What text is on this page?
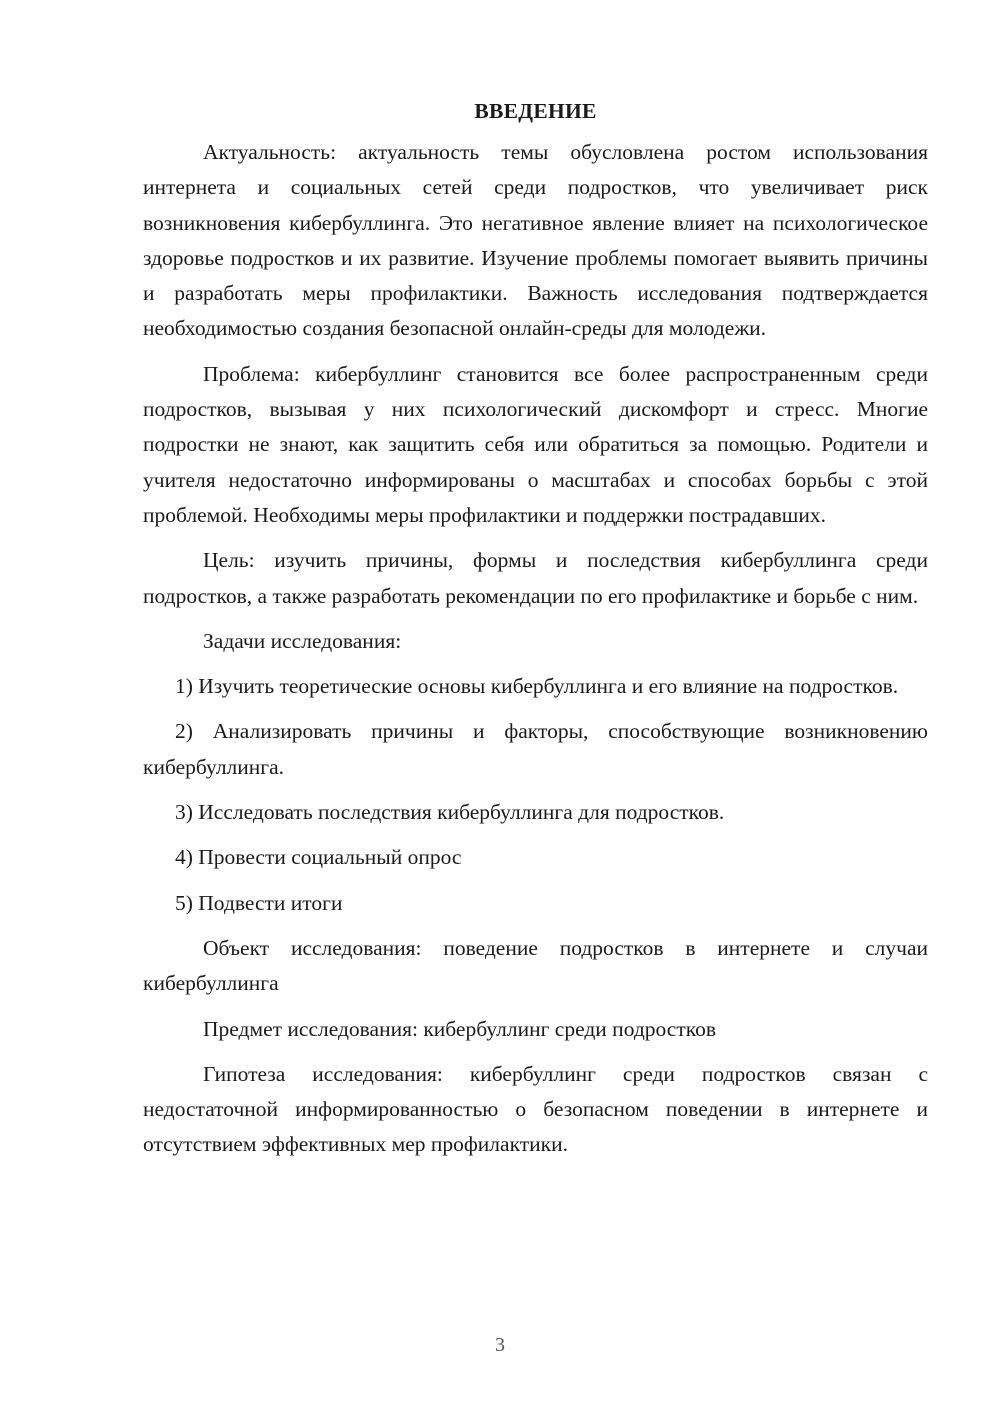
ВВЕДЕНИЕ

Актуальность: актуальность темы обусловлена ростом использования интернета и социальных сетей среди подростков, что увеличивает риск возникновения кибербуллинга. Это негативное явление влияет на психологическое здоровье подростков и их развитие. Изучение проблемы помогает выявить причины и разработать меры профилактики. Важность исследования подтверждается необходимостью создания безопасной онлайн-среды для молодежи.

Проблема: кибербуллинг становится все более распространенным среди подростков, вызывая у них психологический дискомфорт и стресс. Многие подростки не знают, как защитить себя или обратиться за помощью. Родители и учителя недостаточно информированы о масштабах и способах борьбы с этой проблемой. Необходимы меры профилактики и поддержки пострадавших.

Цель: изучить причины, формы и последствия кибербуллинга среди подростков, а также разработать рекомендации по его профилактике и борьбе с ним.

Задачи исследования:

1) Изучить теоретические основы кибербуллинга и его влияние на подростков.

2) Анализировать причины и факторы, способствующие возникновению кибербуллинга.

3) Исследовать последствия кибербуллинга для подростков.

4) Провести социальный опрос

5) Подвести итоги

Объект исследования: поведение подростков в интернете и случаи кибербуллинга

Предмет исследования: кибербуллинг среди подростков

Гипотеза исследования: кибербуллинг среди подростков связан с недостаточной информированностью о безопасном поведении в интернете и отсутствием эффективных мер профилактики.

3
